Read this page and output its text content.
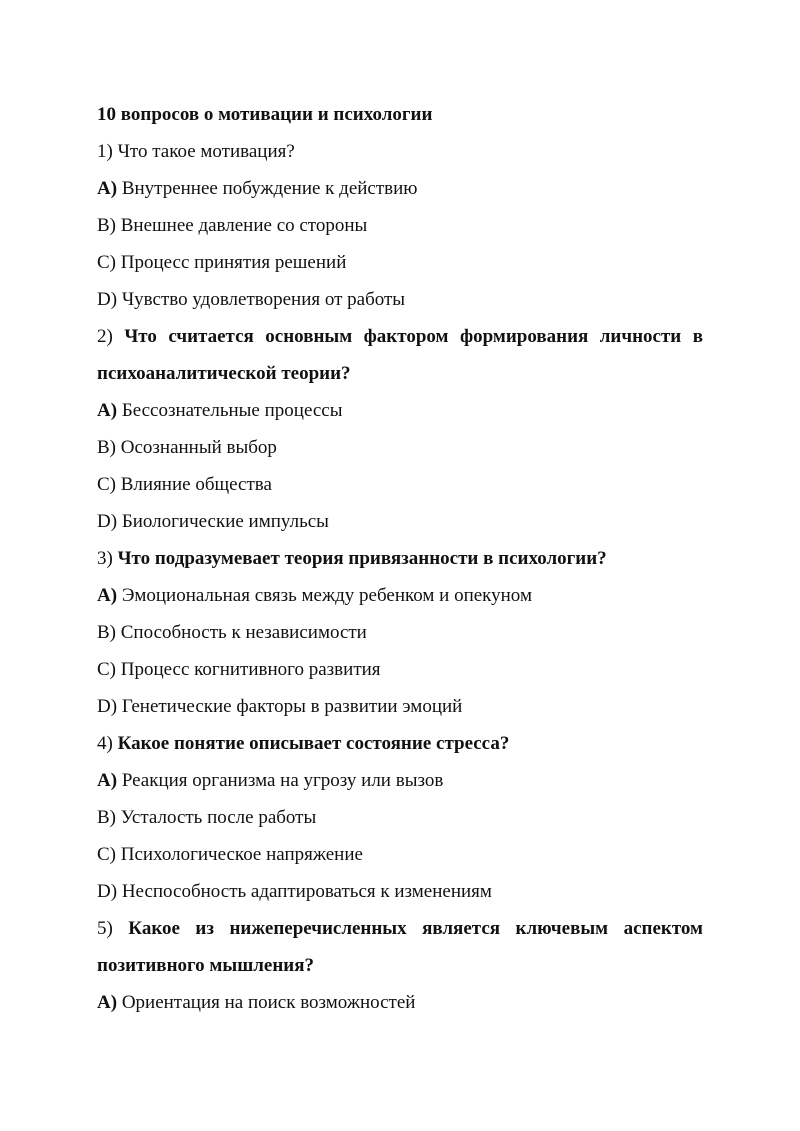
10 вопросов о мотивации и психологии

1) Что такое мотивация?

A) Внутреннее побуждение к действию

B) Внешнее давление со стороны

C) Процесс принятия решений

D) Чувство удовлетворения от работы

2) Что считается основным фактором формирования личности в психоаналитической теории?

A) Бессознательные процессы

B) Осознанный выбор

C) Влияние общества

D) Биологические импульсы

3) Что подразумевает теория привязанности в психологии?

A) Эмоциональная связь между ребенком и опекуном

B) Способность к независимости

C) Процесс когнитивного развития

D) Генетические факторы в развитии эмоций

4) Какое понятие описывает состояние стресса?

A) Реакция организма на угрозу или вызов

B) Усталость после работы

C) Психологическое напряжение

D) Неспособность адаптироваться к изменениям

5) Какое из нижеперечисленных является ключевым аспектом позитивного мышления?

A) Ориентация на поиск возможностей
